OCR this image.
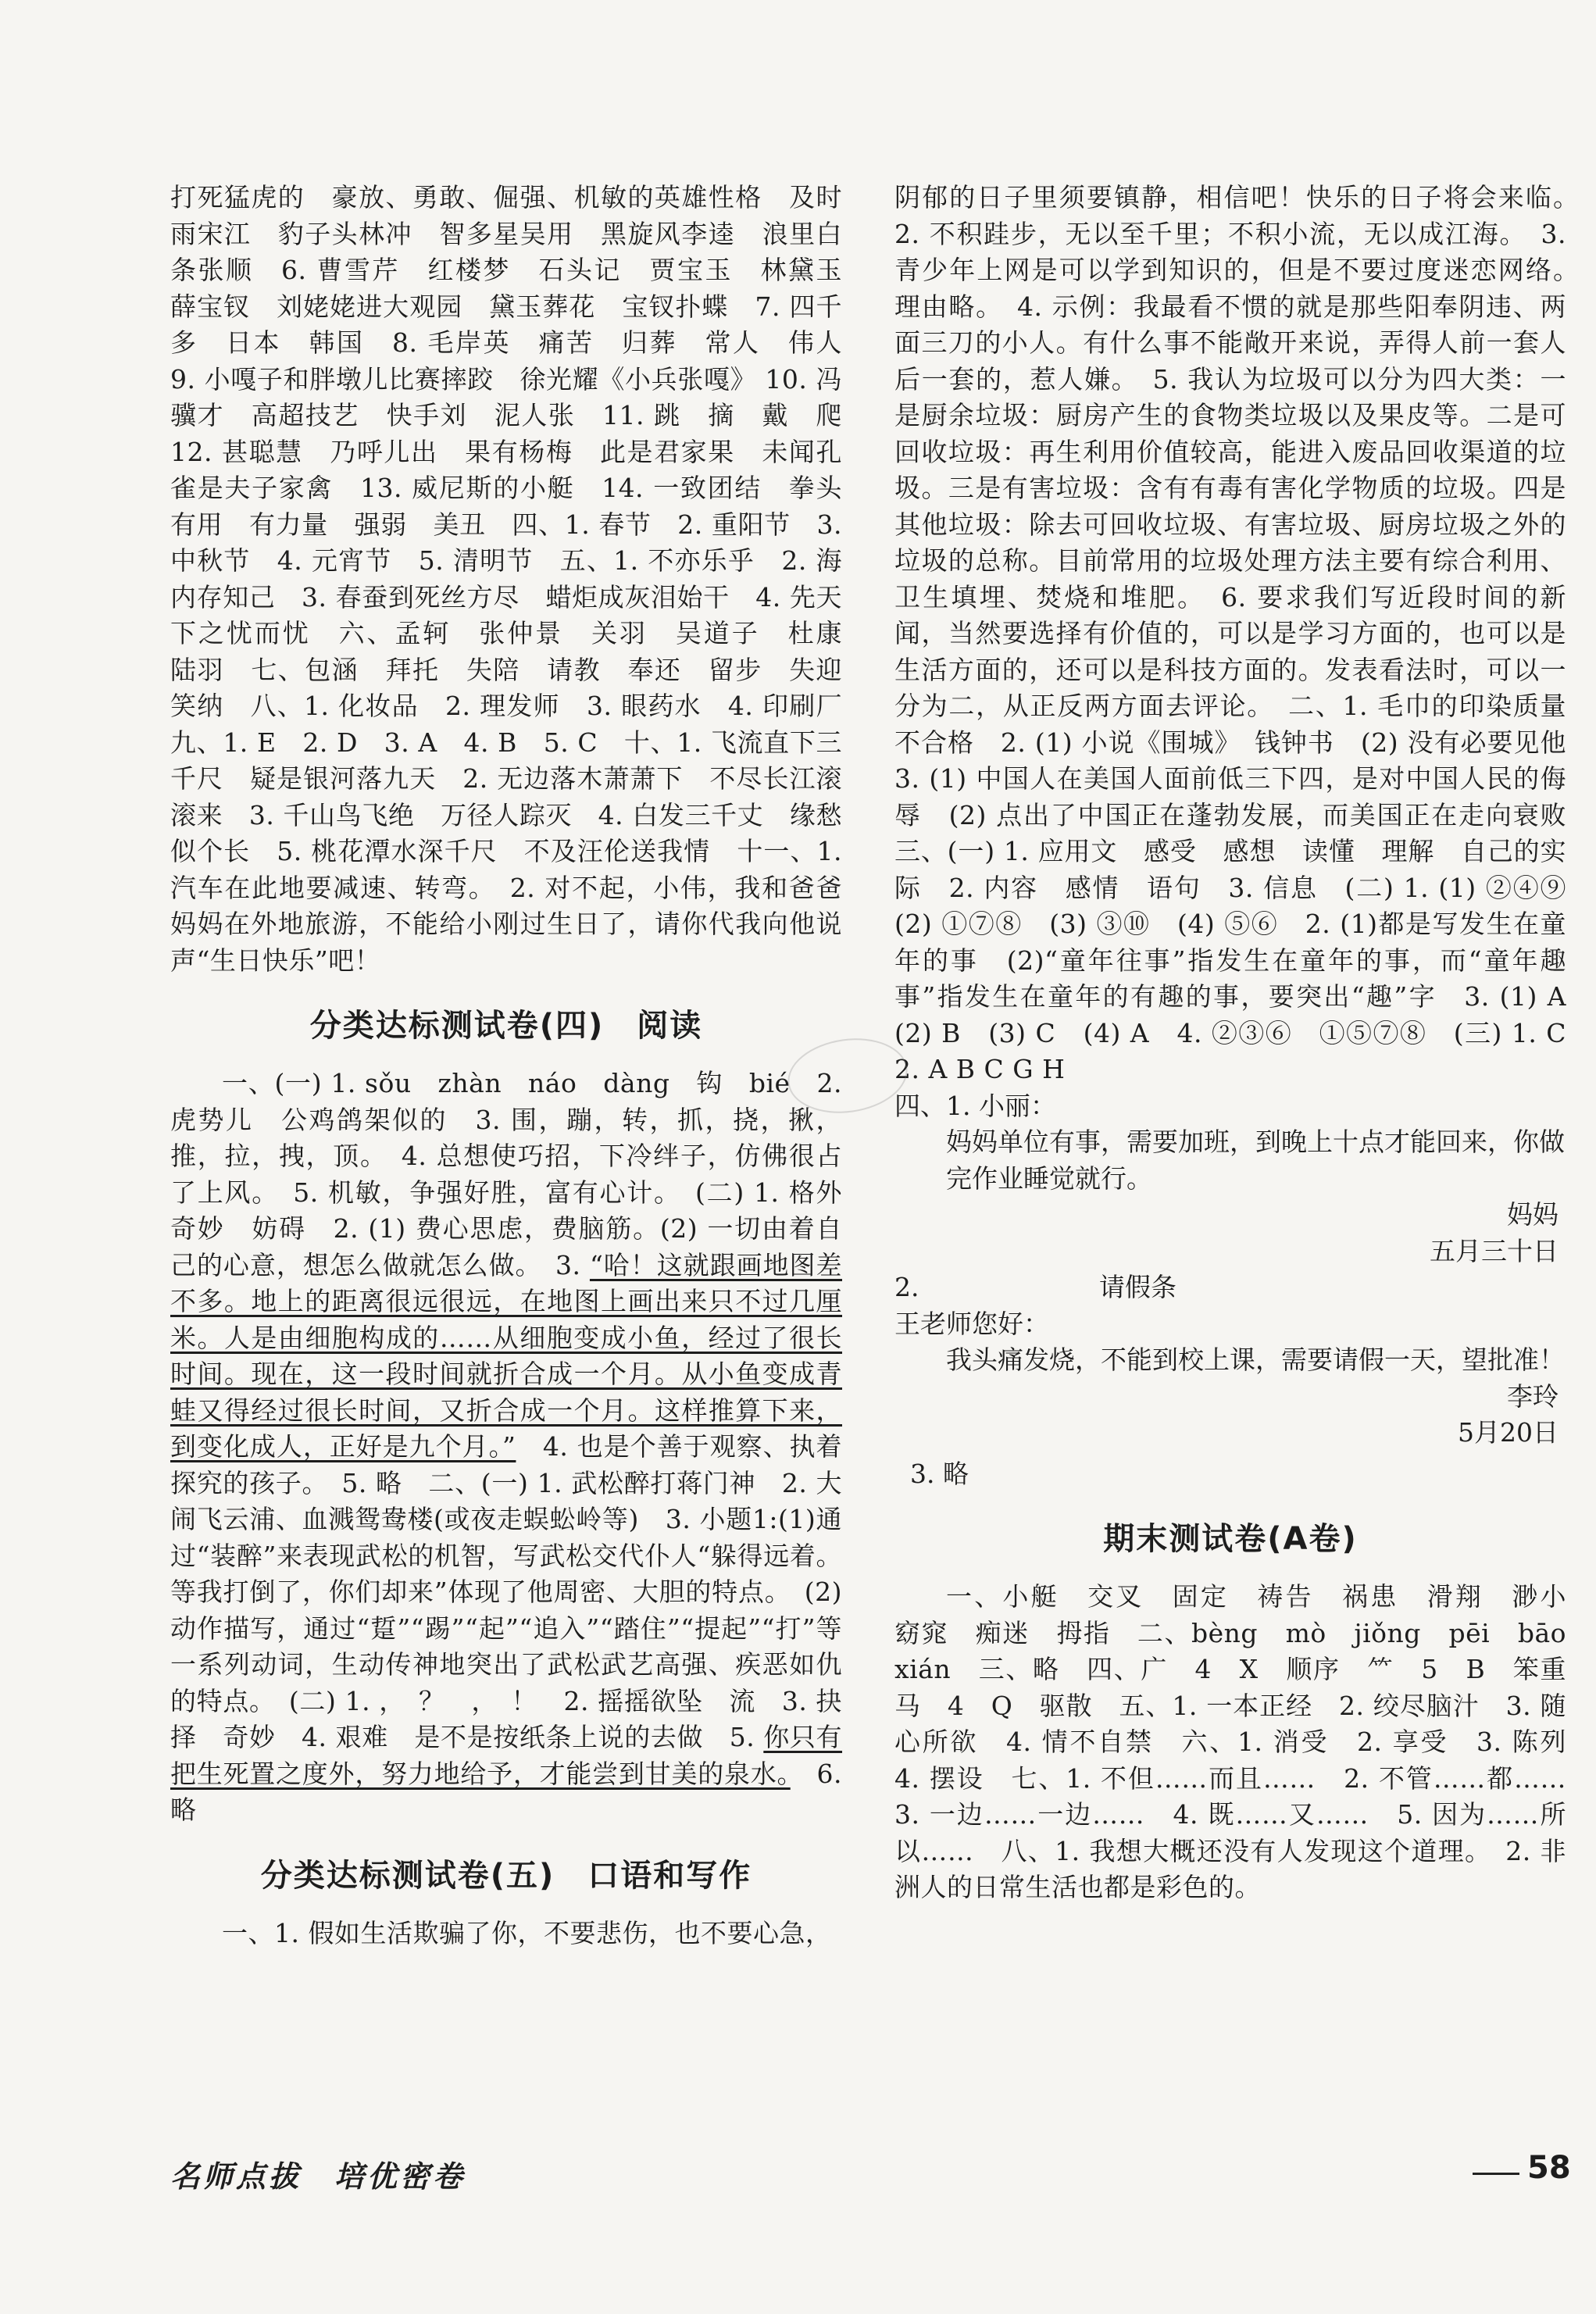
打死猛虎的　豪放、勇敢、倔强、机敏的英雄性格　及时雨宋江　豹子头林冲　智多星吴用　黑旋风李逵　浪里白条张顺　6. 曹雪芹　红楼梦　石头记　贾宝玉　林黛玉　薛宝钗　刘姥姥进大观园　黛玉葬花　宝钗扑蝶　7. 四千多　日本　韩国　8. 毛岸英　痛苦　归葬　常人　伟人　9. 小嘎子和胖墩儿比赛摔跤　徐光耀《小兵张嘎》 10. 冯骥才　高超技艺　快手刘　泥人张　11. 跳　摘　戴　爬　12. 甚聪慧　乃呼儿出　果有杨梅　此是君家果　未闻孔雀是夫子家禽　13. 威尼斯的小艇　14. 一致团结　拳头　有用　有力量　强弱　美丑　四、1. 春节　2. 重阳节　3. 中秋节　4. 元宵节　5. 清明节　五、1. 不亦乐乎　2. 海内存知己　3. 春蚕到死丝方尽　蜡炬成灰泪始干　4. 先天下之忧而忧　六、孟轲　张仲景　关羽　吴道子　杜康　陆羽　七、包涵　拜托　失陪　请教　奉还　留步　失迎　笑纳　八、1. 化妆品　2. 理发师　3. 眼药水　4. 印刷厂　九、1. E　2. D　3. A　4. B　5. C　十、1. 飞流直下三千尺　疑是银河落九天　2. 无边落木萧萧下　不尽长江滚滚来　3. 千山鸟飞绝　万径人踪灭　4. 白发三千丈　缘愁似个长　5. 桃花潭水深千尺　不及汪伦送我情　十一、1. 汽车在此地要减速、转弯。　2. 对不起，小伟，我和爸爸妈妈在外地旅游，不能给小刚过生日了，请你代我向他说声“生日快乐”吧！

分类达标测试卷(四)　阅读

一、(一) 1. sǒu　zhàn　náo　dàng　钩　bié　2. 虎势儿　公鸡鸽架似的　3. 围，蹦，转，抓，挠，揪，推，拉，拽，顶。　4. 总想使巧招，下冷绊子，仿佛很占了上风。　5. 机敏，争强好胜，富有心计。　(二) 1. 格外　奇妙　妨碍　2. (1) 费心思虑，费脑筋。(2) 一切由着自己的心意，想怎么做就怎么做。　3. “哈！这就跟画地图差不多。地上的距离很远很远，在地图上画出来只不过几厘米。人是由细胞构成的……从细胞变成小鱼，经过了很长时间。现在，这一段时间就折合成一个月。从小鱼变成青蛙又得经过很长时间，又折合成一个月。这样推算下来，到变化成人，正好是九个月。”　4. 也是个善于观察、执着探究的孩子。　5. 略　二、(一) 1. 武松醉打蒋门神　2. 大闹飞云浦、血溅鸳鸯楼(或夜走蜈蚣岭等)　3. 小题1:(1)通过“装醉”来表现武松的机智，写武松交代仆人“躲得远着。等我打倒了，你们却来”体现了他周密、大胆的特点。　(2)动作描写，通过“踅”“踢”“起”“追入”“踏住”“提起”“打”等一系列动词，生动传神地突出了武松武艺高强、疾恶如仇的特点。　(二) 1. ，　？　，　！　2. 摇摇欲坠　流　3. 抉择　奇妙　4. 艰难　是不是按纸条上说的去做　5. 你只有把生死置之度外，努力地给予，才能尝到甘美的泉水。　6. 略

分类达标测试卷(五)　口语和写作

一、1. 假如生活欺骗了你，不要悲伤，也不要心急，

阴郁的日子里须要镇静，相信吧！快乐的日子将会来临。　2. 不积跬步，无以至千里；不积小流，无以成江海。　3. 青少年上网是可以学到知识的，但是不要过度迷恋网络。　理由略。　4. 示例：我最看不惯的就是那些阳奉阴违、两面三刀的小人。有什么事不能敞开来说，弄得人前一套人后一套的，惹人嫌。　5. 我认为垃圾可以分为四大类：一是厨余垃圾：厨房产生的食物类垃圾以及果皮等。二是可回收垃圾：再生利用价值较高，能进入废品回收渠道的垃圾。三是有害垃圾：含有有毒有害化学物质的垃圾。四是其他垃圾：除去可回收垃圾、有害垃圾、厨房垃圾之外的垃圾的总称。目前常用的垃圾处理方法主要有综合利用、卫生填埋、焚烧和堆肥。　6. 要求我们写近段时间的新闻，当然要选择有价值的，可以是学习方面的，也可以是生活方面的，还可以是科技方面的。发表看法时，可以一分为二，从正反两方面去评论。　二、1. 毛巾的印染质量不合格　2. (1) 小说《围城》　钱钟书　(2) 没有必要见他　3. (1) 中国人在美国人面前低三下四，是对中国人民的侮辱　(2) 点出了中国正在蓬勃发展，而美国正在走向衰败　三、(一) 1. 应用文　感受　感想　读懂　理解　自己的实际　2. 内容　感情　语句　3. 信息　(二) 1. (1) ②④⑨　(2) ①⑦⑧　(3) ③⑩　(4) ⑤⑥　2. (1)都是写发生在童年的事　(2)“童年往事”指发生在童年的事，而“童年趣事”指发生在童年的有趣的事，要突出“趣”字　3. (1) A　(2) B　(3) C　(4) A　4. ②③⑥　①⑤⑦⑧　(三) 1. C　2. A B C G H

四、1. 小丽：

妈妈单位有事，需要加班，到晚上十点才能回来，你做完作业睡觉就行。

妈妈

五月三十日

2.	请假条

王老师您好：

我头痛发烧，不能到校上课，需要请假一天，望批准！

李玲

5月20日

3. 略

期末测试卷(A卷)

一、小艇　交叉　固定　祷告　祸患　滑翔　渺小　窈窕　痴迷　拇指　二、bèng　mò　jiǒng　pēi　bāo　xián　三、略　四、广　4　X　顺序　⺮　5　B　笨重　马　4　Q　驱散　五、1. 一本正经　2. 绞尽脑汁　3. 随心所欲　4. 情不自禁　六、1. 消受　2. 享受　3. 陈列　4. 摆设　七、1. 不但……而且……　2. 不管……都……　3. 一边……一边……　4. 既……又……　5. 因为……所以……　八、1. 我想大概还没有人发现这个道理。　2. 非洲人的日常生活也都是彩色的。

名师点拔　培优密卷	58
